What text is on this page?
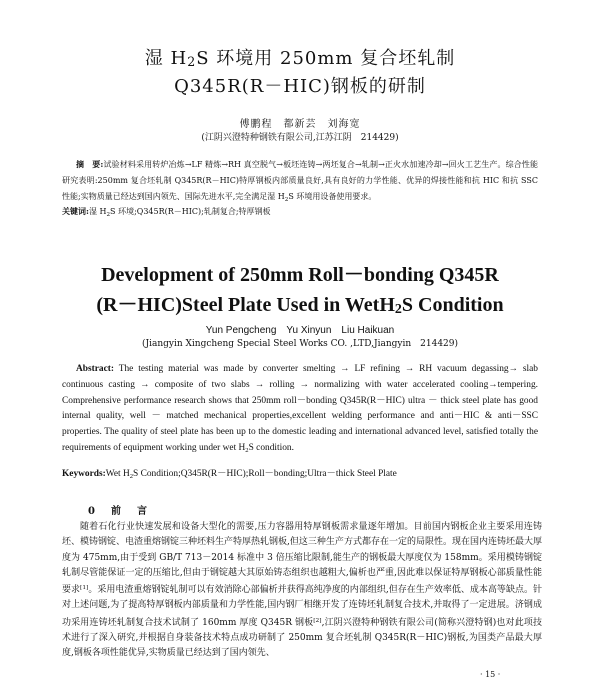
湿 $H_2S$ 环境用 250mm 复合坯轧制
Q345R(R－HIC)钢板的研制
傅鹏程　都新芸　刘海宽
(江阴兴澄特种钢铁有限公司,江苏江阴　214429)
摘　要:试验材料采用转炉冶炼→LF 精炼→RH 真空脱气→板坯连铸→两坯复合→轧制→正火水加速冷却→回火工艺生产。综合性能研究表明:250mm 复合坯轧制 Q345R(R－HIC)特厚钢板内部质量良好,具有良好的力学性能、优异的焊接性能和抗 HIC 和抗 SSC 性能;实物质量已经达到国内领先、国际先进水平,完全满足湿 $H_2S$ 环境用设备使用要求。
关键词:湿 $H_2S$ 环境;Q345R(R－HIC);轧制复合;特厚钢板
Development of 250mm Roll－bonding Q345R
(R－HIC)Steel Plate Used in WetH$_2$S Condition
Yun Pengcheng　Yu Xinyun　Liu Haikuan
(Jiangyin Xingcheng Special Steel Works CO. ,LTD,Jiangyin　214429)
Abstract: The testing material was made by converter smelting → LF refining → RH vacuum degassing→ slab continuous casting → composite of two slabs → rolling → normalizing with water accelerated cooling→tempering. Comprehensive performance research shows that 250mm roll－bonding Q345R(R－HIC) ultra － thick steel plate has good internal quality, well － matched mechanical properties,excellent welding performance and anti－HIC & anti－SSC properties. The quality of steel plate has been up to the domestic leading and international advanced level, satisfied totally the requirements of equipment working under wet $H_2S$ condition.
Keywords:Wet $H_2S$ Condition;Q345R(R－HIC);Roll－bonding;Ultra－thick Steel Plate
0　前　言
随着石化行业快速发展和设备大型化的需要,压力容器用特厚钢板需求量逐年增加。目前国内钢板企业主要采用连铸坯、模铸钢锭、电渣重熔钢锭三种坯料生产特厚热轧钢板,但这三种生产方式都存在一定的局限性。现在国内连铸坯最大厚度为 475mm,由于受到 GB/T 713－2014 标准中 3 倍压缩比限制,能生产的钢板最大厚度仅为 158mm。采用模铸钢锭轧制尽管能保证一定的压缩比,但由于钢锭越大其原始铸态组织也越粗大,偏析也严重,因此难以保证特厚钢板心部质量性能要求[1]。采用电渣重熔钢锭轧制可以有效消除心部偏析并获得高纯净度的内部组织,但存在生产效率低、成本高等缺点。针对上述问题,为了提高特厚钢板内部质量和力学性能,国内钢厂相继开发了连铸坯轧制复合技术,并取得了一定进展。济钢成功采用连铸坯轧制复合技术试制了 160mm 厚度 Q345R 钢板[2],江阴兴澄特种钢铁有限公司(简称兴澄特钢)也对此项技术进行了深入研究,并根据自身装备技术特点成功研制了 250mm 复合坯轧制 Q345R(R－HIC)钢板,为国类产品最大厚度,钢板各项性能优异,实物质量已经达到了国内领先、
· 15 ·
